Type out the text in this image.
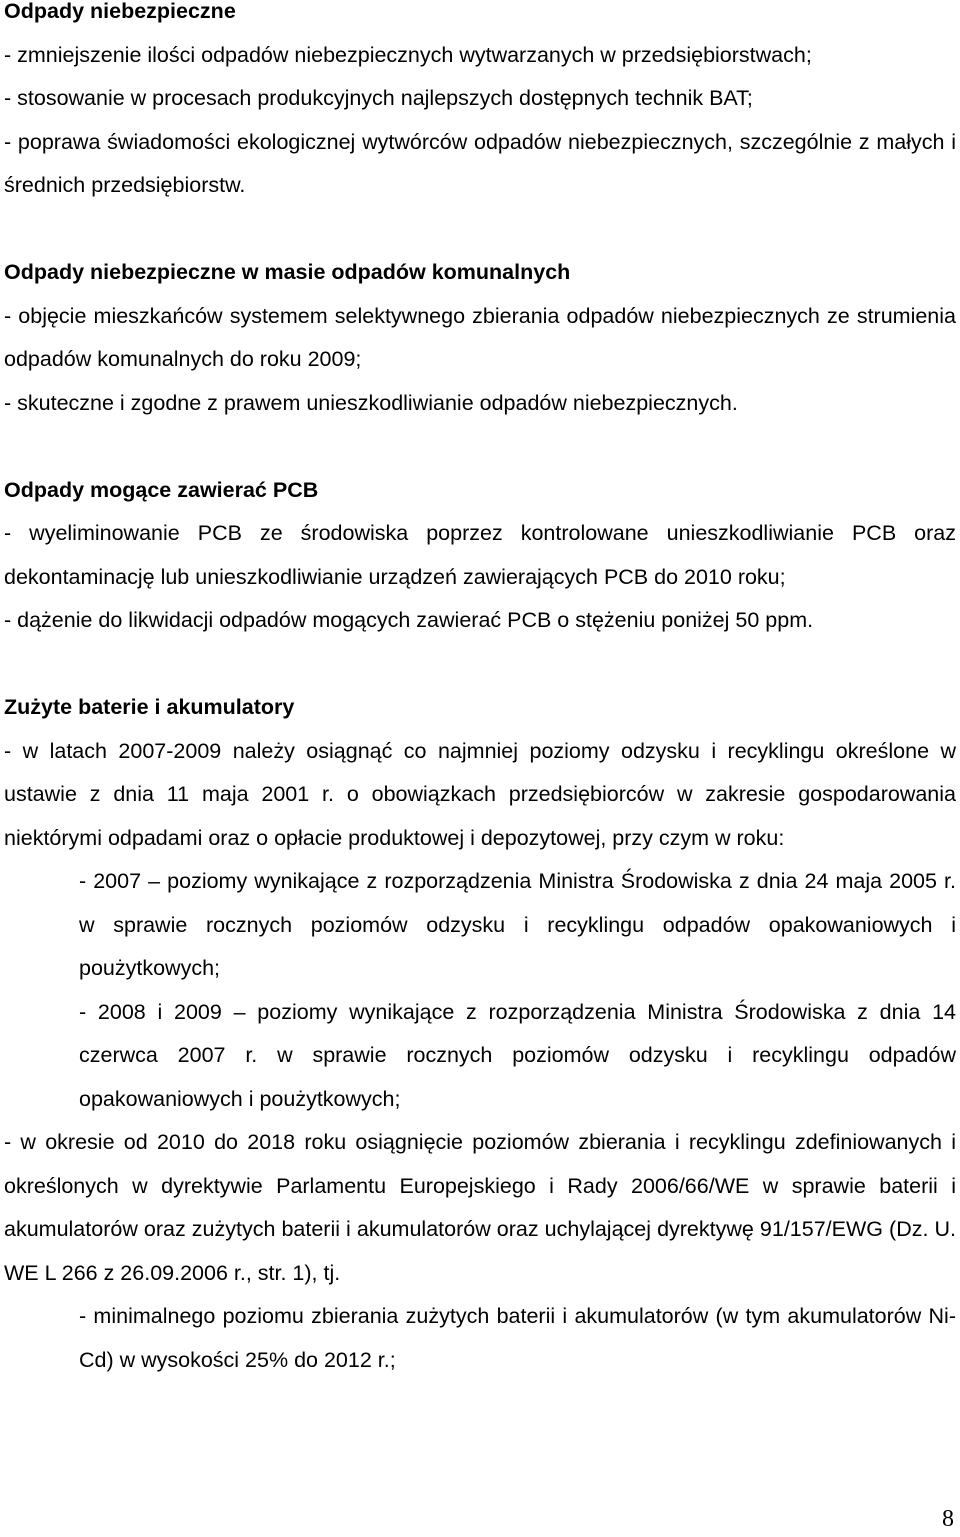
Odpady niebezpieczne

- zmniejszenie ilości odpadów niebezpiecznych wytwarzanych w przedsiębiorstwach;

- stosowanie w procesach produkcyjnych najlepszych dostępnych technik BAT;

- poprawa świadomości ekologicznej wytwórców odpadów niebezpiecznych, szczególnie z małych i średnich przedsiębiorstw.

Odpady niebezpieczne w masie odpadów komunalnych

- objęcie mieszkańców systemem selektywnego zbierania odpadów niebezpiecznych ze strumienia odpadów komunalnych do roku 2009;

- skuteczne i zgodne z prawem unieszkodliwianie odpadów niebezpiecznych.

Odpady mogące zawierać PCB

- wyeliminowanie PCB ze środowiska poprzez kontrolowane unieszkodliwianie PCB oraz dekontaminację lub unieszkodliwianie urządzeń zawierających PCB do 2010 roku;

- dążenie do likwidacji odpadów mogących zawierać PCB o stężeniu poniżej 50 ppm.

Zużyte baterie i akumulatory

- w latach 2007-2009 należy osiągnąć co najmniej poziomy odzysku i recyklingu określone w ustawie z dnia 11 maja 2001 r. o obowiązkach przedsiębiorców w zakresie gospodarowania niektórymi odpadami oraz o opłacie produktowej i depozytowej, przy czym w roku:

- 2007 – poziomy wynikające z rozporządzenia Ministra Środowiska z dnia 24 maja 2005 r. w sprawie rocznych poziomów odzysku i recyklingu odpadów opakowaniowych i poużytkowych;

- 2008 i 2009 – poziomy wynikające z rozporządzenia Ministra Środowiska z dnia 14 czerwca 2007 r. w sprawie rocznych poziomów odzysku i recyklingu odpadów opakowaniowych i poużytkowych;

- w okresie od 2010 do 2018 roku osiągnięcie poziomów zbierania i recyklingu zdefiniowanych i określonych w dyrektywie Parlamentu Europejskiego i Rady 2006/66/WE w sprawie baterii i akumulatorów oraz zużytych baterii i akumulatorów oraz uchylającej dyrektywę 91/157/EWG (Dz. U. WE L 266 z 26.09.2006 r., str. 1), tj.

- minimalnego poziomu zbierania zużytych baterii i akumulatorów (w tym akumulatorów Ni-Cd) w wysokości 25% do 2012 r.;

8
